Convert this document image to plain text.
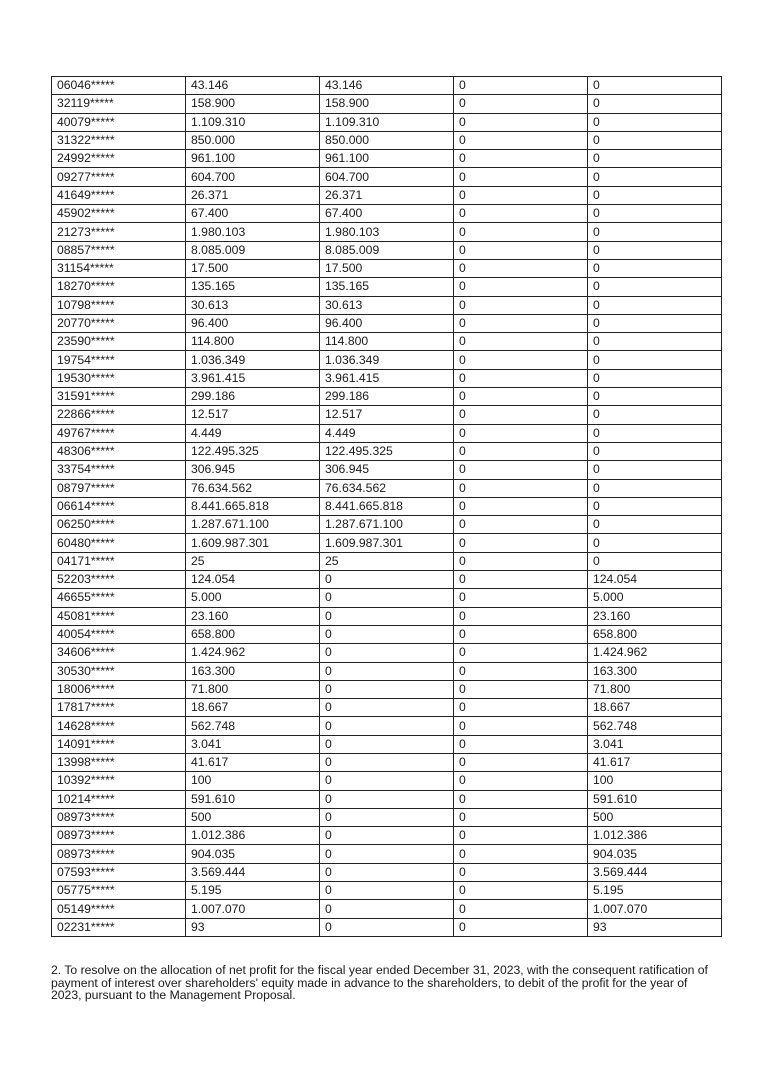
06046*****	43.146	43.146	0	0
32119*****	158.900	158.900	0	0
40079*****	1.109.310	1.109.310	0	0
31322*****	850.000	850.000	0	0
24992*****	961.100	961.100	0	0
09277*****	604.700	604.700	0	0
41649*****	26.371	26.371	0	0
45902*****	67.400	67.400	0	0
21273*****	1.980.103	1.980.103	0	0
08857*****	8.085.009	8.085.009	0	0
31154*****	17.500	17.500	0	0
18270*****	135.165	135.165	0	0
10798*****	30.613	30.613	0	0
20770*****	96.400	96.400	0	0
23590*****	114.800	114.800	0	0
19754*****	1.036.349	1.036.349	0	0
19530*****	3.961.415	3.961.415	0	0
31591*****	299.186	299.186	0	0
22866*****	12.517	12.517	0	0
49767*****	4.449	4.449	0	0
48306*****	122.495.325	122.495.325	0	0
33754*****	306.945	306.945	0	0
08797*****	76.634.562	76.634.562	0	0
06614*****	8.441.665.818	8.441.665.818	0	0
06250*****	1.287.671.100	1.287.671.100	0	0
60480*****	1.609.987.301	1.609.987.301	0	0
04171*****	25	25	0	0
52203*****	124.054	0	0	124.054
46655*****	5.000	0	0	5.000
45081*****	23.160	0	0	23.160
40054*****	658.800	0	0	658.800
34606*****	1.424.962	0	0	1.424.962
30530*****	163.300	0	0	163.300
18006*****	71.800	0	0	71.800
17817*****	18.667	0	0	18.667
14628*****	562.748	0	0	562.748
14091*****	3.041	0	0	3.041
13998*****	41.617	0	0	41.617
10392*****	100	0	0	100
10214*****	591.610	0	0	591.610
08973*****	500	0	0	500
08973*****	1.012.386	0	0	1.012.386
08973*****	904.035	0	0	904.035
07593*****	3.569.444	0	0	3.569.444
05775*****	5.195	0	0	5.195
05149*****	1.007.070	0	0	1.007.070
02231*****	93	0	0	93

2. To resolve on the allocation of net profit for the fiscal year ended December 31, 2023, with the consequent ratification of payment of interest over shareholders' equity made in advance to the shareholders, to debit of the profit for the year of 2023, pursuant to the Management Proposal.
